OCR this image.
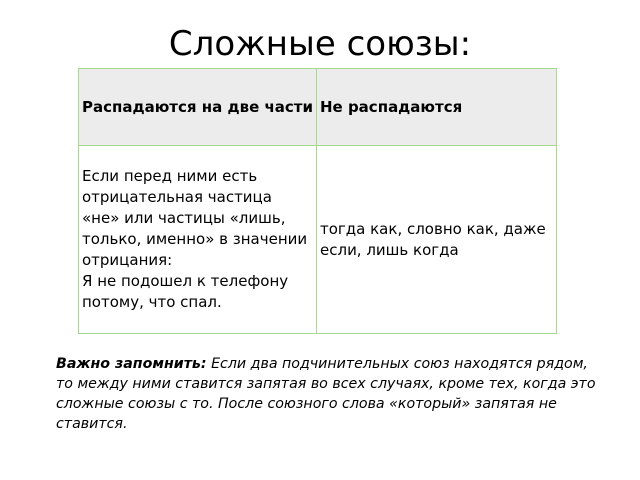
Сложные союзы:
Распадаются на две части	Не распадаются

Если перед ними есть отрицательная частица «не» или частицы «лишь, только, именно» в значении отрицания:
Я не подошел к телефону потому, что спал.	тогда как, словно как, даже если, лишь когда

Важно запомнить: Если два подчинительных союз находятся рядом, то между ними ставится запятая во всех случаях, кроме тех, когда это сложные союзы с то. После союзного слова «который» запятая не ставится.
